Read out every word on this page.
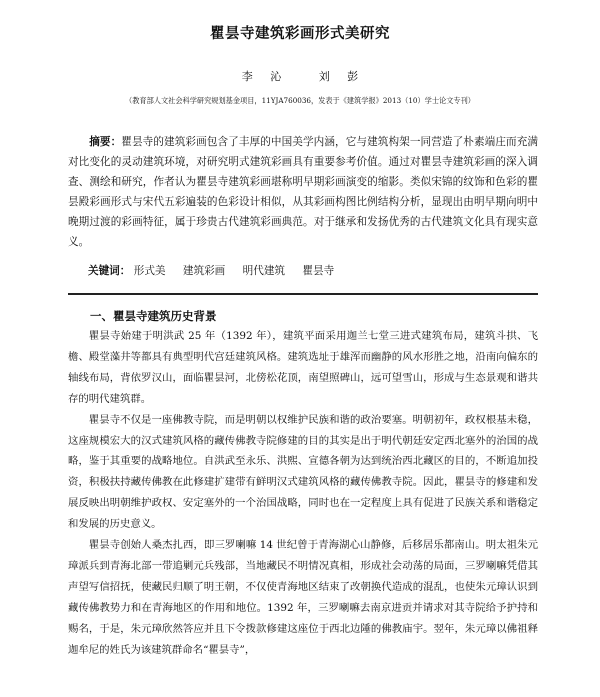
瞿昙寺建筑彩画形式美研究
李 沁	刘 彭
（教育部人文社会科学研究规划基金项目，11YJA760036，发表于《建筑学报》2013（10）学士论文专刊）
摘要：瞿昙寺的建筑彩画包含了丰厚的中国美学内涵，它与建筑构架一同营造了朴素端庄而充满对比变化的灵动建筑环境，对研究明式建筑彩画具有重要参考价值。通过对瞿昙寺建筑彩画的深入调查、测绘和研究，作者认为瞿昙寺建筑彩画堪称明早期彩画演变的缩影。类似宋锦的纹饰和色彩的瞿昙殿彩画形式与宋代五彩遍装的色彩设计相似，从其彩画构图比例结构分析，显现出由明早期向明中晚期过渡的彩画特征，属于珍贵古代建筑彩画典范。对于继承和发扬优秀的古代建筑文化具有现实意义。
关键词： 形式美 建筑彩画 明代建筑 瞿昙寺
一、瞿昙寺建筑历史背景

瞿昙寺始建于明洪武 25 年（1392 年），建筑平面采用迦兰七堂三进式建筑布局，建筑斗拱、飞檐、殿堂藻井等都具有典型明代宫廷建筑风格。建筑选址于雄浑而幽静的风水形胜之地，沿南向偏东的轴线布局，背依罗汉山，面临瞿昙河，北傍松花顶，南望照碑山，远可望雪山，形成与生态景观和谐共存的明代建筑群。

瞿昙寺不仅是一座佛教寺院，而是明朝以权维护民族和谐的政治要塞。明朝初年，政权根基未稳，这座规模宏大的汉式建筑风格的藏传佛教寺院修建的目的其实是出于明代朝廷安定西北塞外的治国的战略，鉴于其重要的战略地位。自洪武至永乐、洪熙、宣德各朝为达到统治西北藏区的目的，不断追加投资，积极扶持藏传佛教在此修建扩建带有鲜明汉式建筑风格的藏传佛教寺院。因此，瞿昙寺的修建和发展反映出明朝维护政权、安定塞外的一个治国战略，同时也在一定程度上具有促进了民族关系和谐稳定和发展的历史意义。

瞿昙寺创始人桑杰扎西，即三罗喇嘛 14 世纪曾于青海湖心山静修，后移居乐都南山。明太祖朱元璋派兵到青海北部一带追剿元兵残部，当地藏民不明情况真相，形成社会动荡的局面，三罗喇嘛凭借其声望写信招抚，使藏民归顺了明王朝，不仅使青海地区结束了改朝换代造成的混乱，也使朱元璋认识到藏传佛教势力和在青海地区的作用和地位。1392 年，三罗喇嘛去南京进贡并请求对其寺院给予护持和赐名，于是，朱元璋欣然答应并且下令拨款修建这座位于西北边陲的佛教庙宇。翌年，朱元璋以佛祖释迦牟尼的姓氏为该建筑群命名“瞿昙寺”，
